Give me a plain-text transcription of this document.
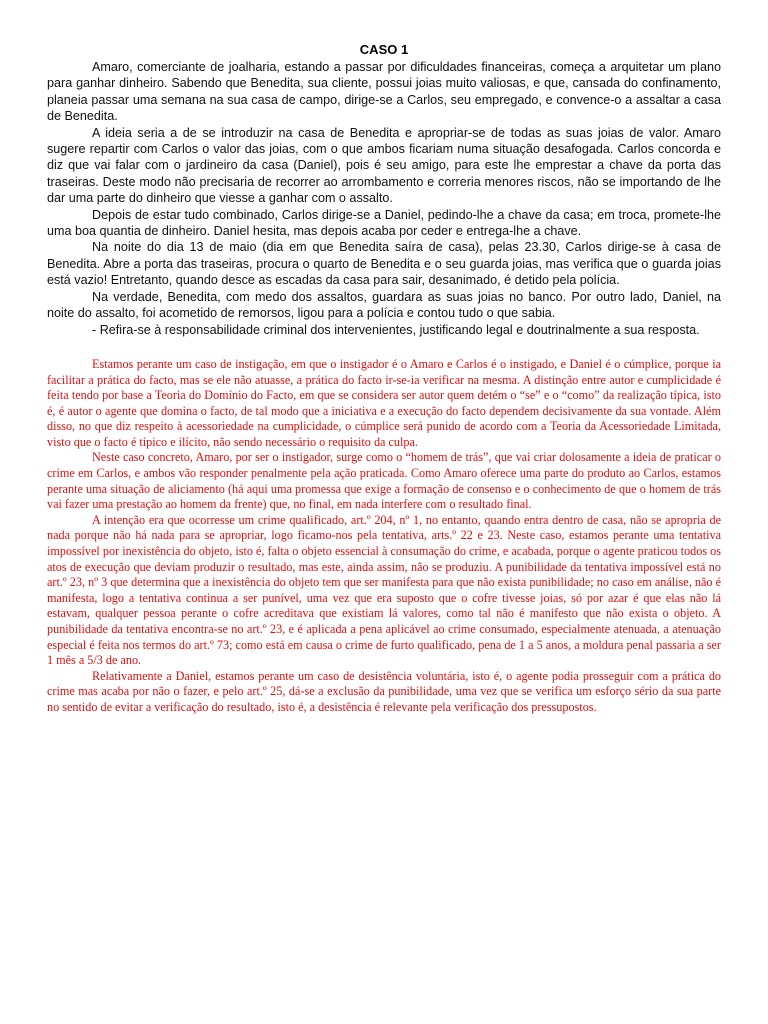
CASO 1

Amaro, comerciante de joalharia, estando a passar por dificuldades financeiras, começa a arquitetar um plano para ganhar dinheiro. Sabendo que Benedita, sua cliente, possui joias muito valiosas, e que, cansada do confinamento, planeia passar uma semana na sua casa de campo, dirige-se a Carlos, seu empregado, e convence-o a assaltar a casa de Benedita.

A ideia seria a de se introduzir na casa de Benedita e apropriar-se de todas as suas joias de valor. Amaro sugere repartir com Carlos o valor das joias, com o que ambos ficariam numa situação desafogada. Carlos concorda e diz que vai falar com o jardineiro da casa (Daniel), pois é seu amigo, para este lhe emprestar a chave da porta das traseiras. Deste modo não precisaria de recorrer ao arrombamento e correria menores riscos, não se importando de lhe dar uma parte do dinheiro que viesse a ganhar com o assalto.

Depois de estar tudo combinado, Carlos dirige-se a Daniel, pedindo-lhe a chave da casa; em troca, promete-lhe uma boa quantia de dinheiro. Daniel hesita, mas depois acaba por ceder e entrega-lhe a chave.

Na noite do dia 13 de maio (dia em que Benedita saíra de casa), pelas 23.30, Carlos dirige-se à casa de Benedita. Abre a porta das traseiras, procura o quarto de Benedita e o seu guarda joias, mas verifica que o guarda joias está vazio! Entretanto, quando desce as escadas da casa para sair, desanimado, é detido pela polícia.

Na verdade, Benedita, com medo dos assaltos, guardara as suas joias no banco. Por outro lado, Daniel, na noite do assalto, foi acometido de remorsos, ligou para a polícia e contou tudo o que sabia.

- Refira-se à responsabilidade criminal dos intervenientes, justificando legal e doutrinalmente a sua resposta.

Estamos perante um caso de instigação, em que o instigador é o Amaro e Carlos é o instigado, e Daniel é o cúmplice, porque ia facilitar a prática do facto, mas se ele não atuasse, a prática do facto ir-se-ia verificar na mesma. A distinção entre autor e cumplicidade é feita tendo por base a Teoria do Domínio do Facto, em que se considera ser autor quem detém o “se” e o “como” da realização típica, isto é, é autor o agente que domina o facto, de tal modo que a iniciativa e a execução do facto dependem decisivamente da sua vontade. Além disso, no que diz respeito à acessoriedade na cumplicidade, o cúmplice será punido de acordo com a Teoria da Acessoriedade Limitada, visto que o facto é típico e ilícito, não sendo necessário o requisito da culpa.

Neste caso concreto, Amaro, por ser o instigador, surge como o “homem de trás”, que vai criar dolosamente a ideia de praticar o crime em Carlos, e ambos vão responder penalmente pela ação praticada. Como Amaro oferece uma parte do produto ao Carlos, estamos perante uma situação de aliciamento (há aqui uma promessa que exige a formação de consenso e o conhecimento de que o homem de trás vai fazer uma prestação ao homem da frente) que, no final, em nada interfere com o resultado final.

A intenção era que ocorresse um crime qualificado, art.º 204, nº 1, no entanto, quando entra dentro de casa, não se apropria de nada porque não há nada para se apropriar, logo ficamo-nos pela tentativa, arts.º 22 e 23. Neste caso, estamos perante uma tentativa impossível por inexistência do objeto, isto é, falta o objeto essencial à consumação do crime, e acabada, porque o agente praticou todos os atos de execução que deviam produzir o resultado, mas este, ainda assim, não se produziu. A punibilidade da tentativa impossível está no art.º 23, nº 3 que determina que a inexistência do objeto tem que ser manifesta para que não exista punibilidade; no caso em análise, não é manifesta, logo a tentativa continua a ser punível, uma vez que era suposto que o cofre tivesse joias, só por azar é que elas não lá estavam, qualquer pessoa perante o cofre acreditava que existiam lá valores, como tal não é manifesto que não exista o objeto. A punibilidade da tentativa encontra-se no art.º 23, e é aplicada a pena aplicável ao crime consumado, especialmente atenuada, a atenuação especial é feita nos termos do art.º 73; como está em causa o crime de furto qualificado, pena de 1 a 5 anos, a moldura penal passaria a ser 1 mês a 5/3 de ano.

Relativamente a Daniel, estamos perante um caso de desistência voluntária, isto é, o agente podia prosseguir com a prática do crime mas acaba por não o fazer, e pelo art.º 25, dá-se a exclusão da punibilidade, uma vez que se verifica um esforço sério da sua parte no sentido de evitar a verificação do resultado, isto é, a desistência é relevante pela verificação dos pressupostos.
